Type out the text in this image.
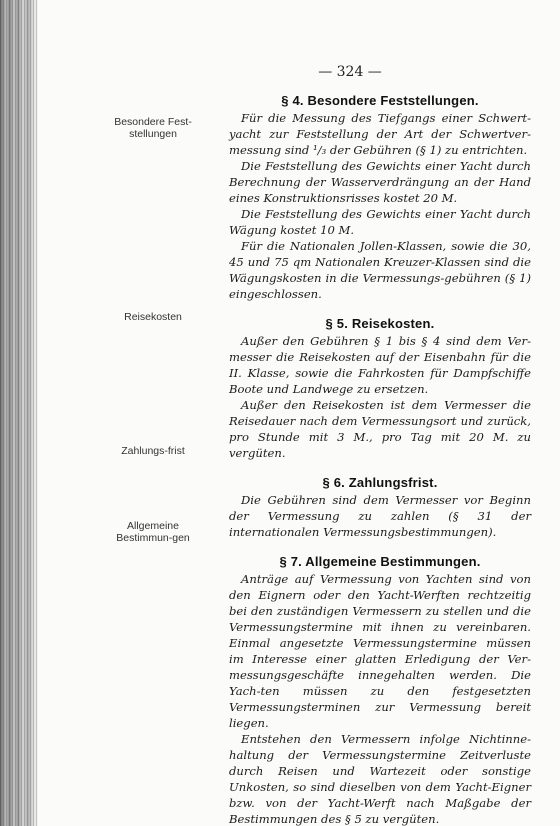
— 324 —
Besondere Fest-stellungen
Reisekosten
Zahlungs-frist
Allgemeine Bestimmun-gen
§ 4. Besondere Feststellungen.

Für die Messung des Tiefgangs einer Schwert-yacht zur Feststellung der Art der Schwertver-messung sind ¹/₃ der Gebühren (§ 1) zu entrichten.

Die Feststellung des Gewichts einer Yacht durch Berechnung der Wasserverdrängung an der Hand eines Konstruktionsrisses kostet 20 M.

Die Feststellung des Gewichts einer Yacht durch Wägung kostet 10 M.

Für die Nationalen Jollen-Klassen, sowie die 30, 45 und 75 qm Nationalen Kreuzer-Klassen sind die Wägungskosten in die Vermessungs-gebühren (§ 1) eingeschlossen.

§ 5. Reisekosten.

Außer den Gebühren § 1 bis § 4 sind dem Ver-messer die Reisekosten auf der Eisenbahn für die II. Klasse, sowie die Fahrkosten für Dampfschiffe Boote und Landwege zu ersetzen.

Außer den Reisekosten ist dem Vermesser die Reisedauer nach dem Vermessungsort und zurück, pro Stunde mit 3 M., pro Tag mit 20 M. zu vergüten.

§ 6. Zahlungsfrist.

Die Gebühren sind dem Vermesser vor Beginn der Vermessung zu zahlen (§ 31 der internationalen Vermessungsbestimmungen).

§ 7. Allgemeine Bestimmungen.

Anträge auf Vermessung von Yachten sind von den Eignern oder den Yacht-Werften rechtzeitig bei den zuständigen Vermessern zu stellen und die Vermessungstermine mit ihnen zu vereinbaren. Einmal angesetzte Vermessungstermine müssen im Interesse einer glatten Erledigung der Ver-messungsgeschäfte innegehalten werden. Die Yach-ten müssen zu den festgesetzten Vermessungsterminen zur Vermessung bereit liegen.

Entstehen den Vermessern infolge Nichtinne-haltung der Vermessungstermine Zeitverluste durch Reisen und Wartezeit oder sonstige Unkosten, so sind dieselben von dem Yacht-Eigner bzw. von der Yacht-Werft nach Maßgabe der Bestimmungen des § 5 zu vergüten.
